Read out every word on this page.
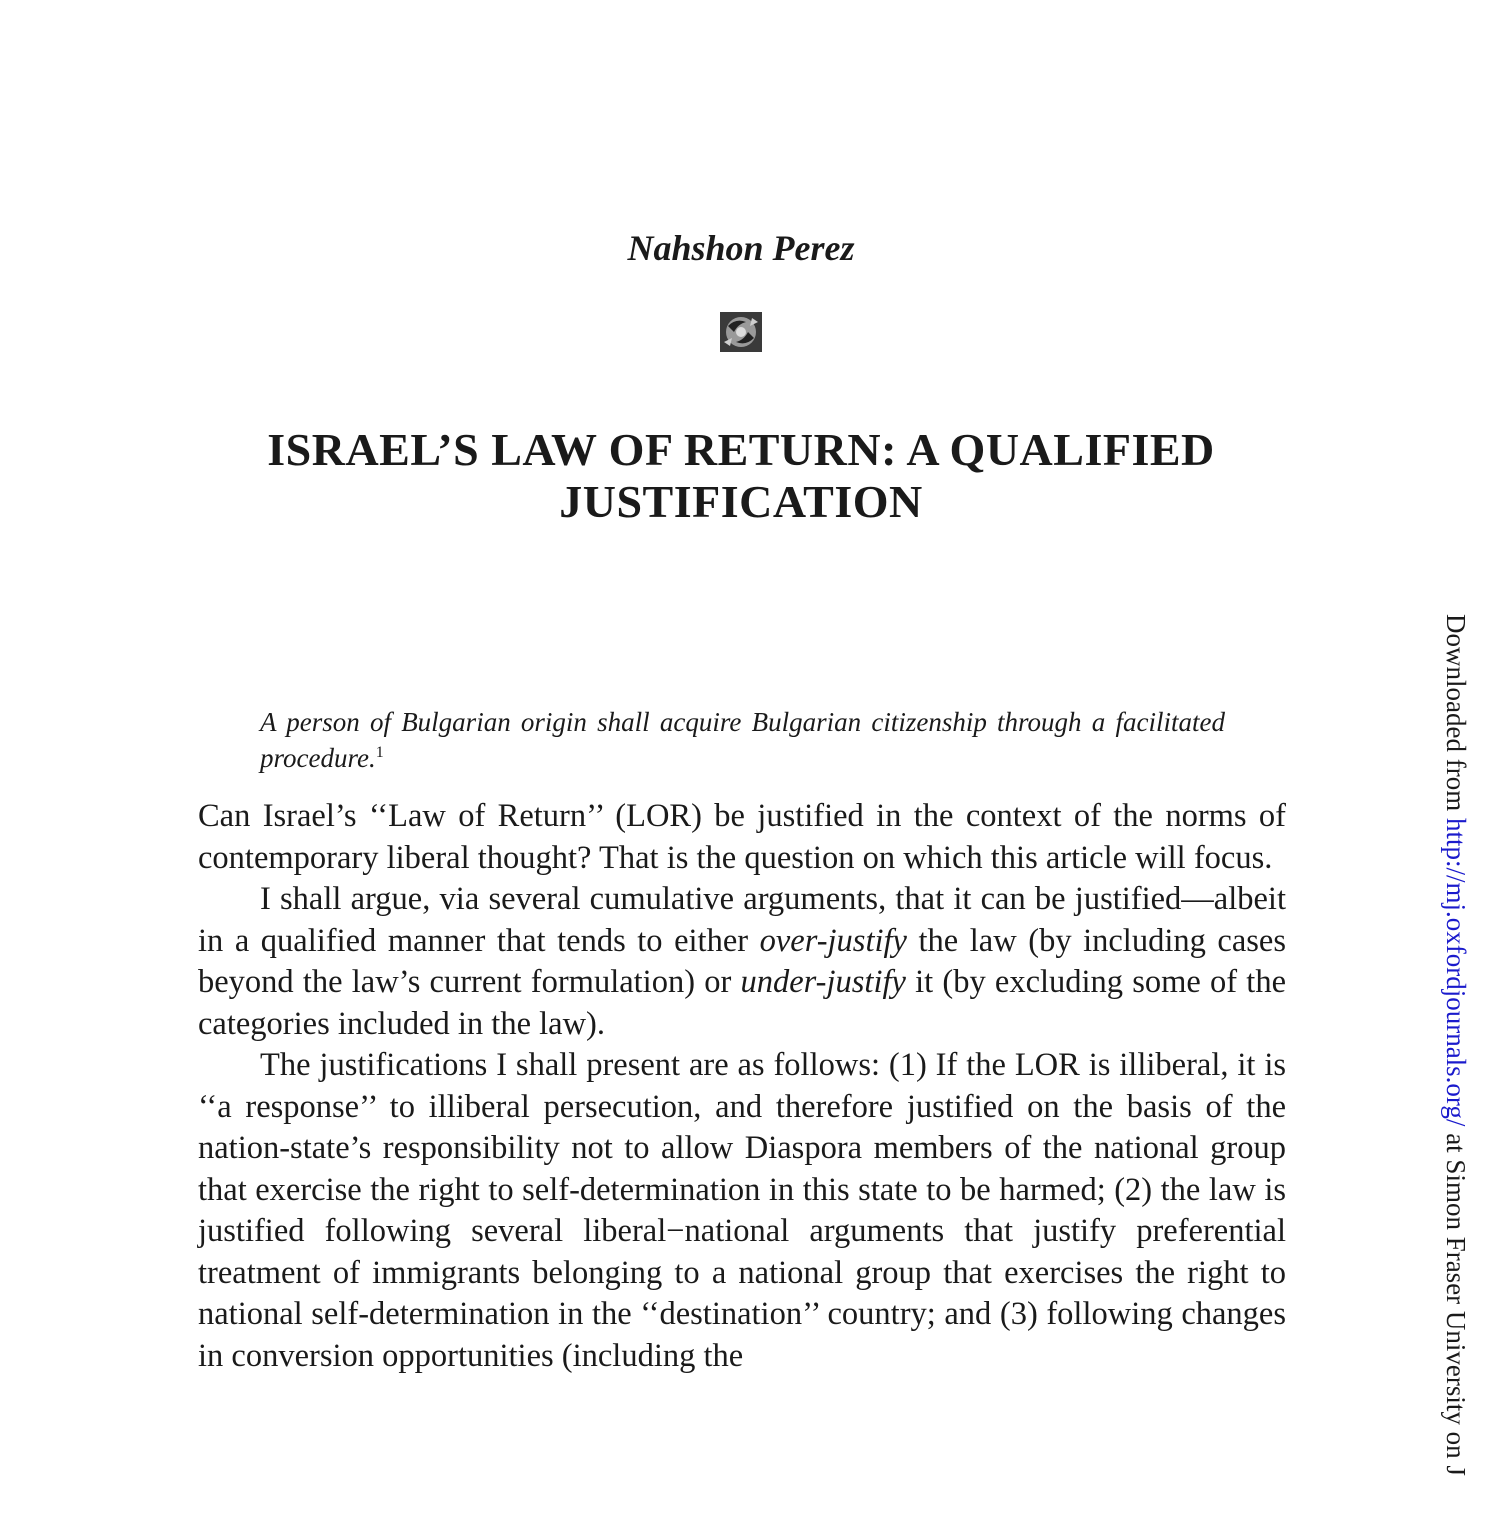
Nahshon Perez
ISRAEL’S LAW OF RETURN: A QUALIFIED
JUSTIFICATION

A person of Bulgarian origin shall acquire Bulgarian citizenship through a facilitated procedure.$^1$

Can Israel’s ‘‘Law of Return’’ (LOR) be justified in the context of the norms of contemporary liberal thought? That is the question on which this article will focus.

I shall argue, via several cumulative arguments, that it can be justified—albeit in a qualified manner that tends to either over-justify the law (by including cases beyond the law’s current formulation) or under-justify it (by excluding some of the categories included in the law).

The justifications I shall present are as follows: (1) If the LOR is illiberal, it is ‘‘a response’’ to illiberal persecution, and therefore justified on the basis of the nation-state’s responsibility not to allow Diaspora members of the national group that exercise the right to self-determination in this state to be harmed; (2) the law is justified following several liberal−national arguments that justify preferential treatment of immigrants belonging to a national group that exercises the right to national self-determination in the ‘‘destination’’ country; and (3) following changes in conversion opportunities (including the

Downloaded from http://mj.oxfordjournals.org/ at Simon Fraser University on J
